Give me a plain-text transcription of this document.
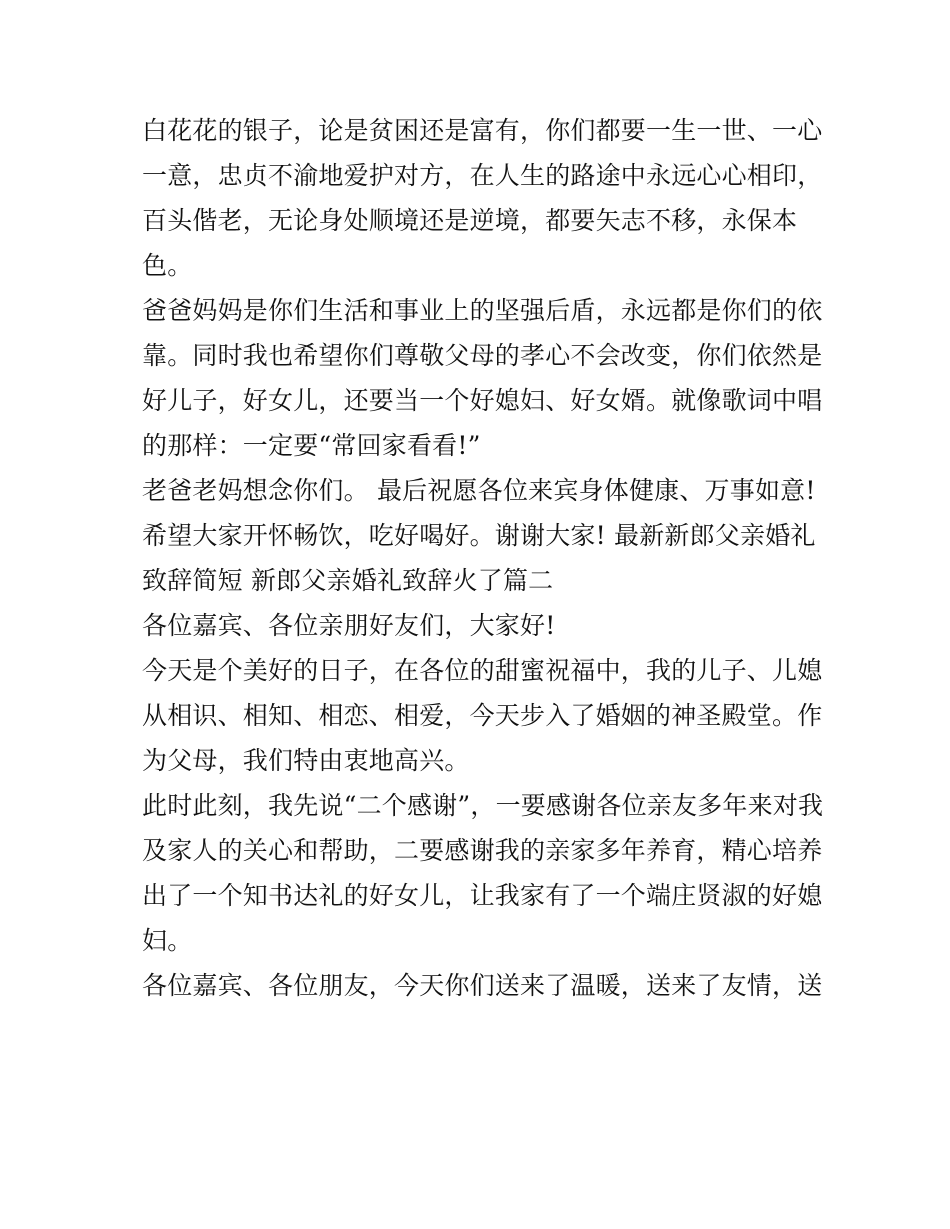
白花花的银子，论是贫困还是富有，你们都要一生一世、一心
一意，忠贞不渝地爱护对方，在人生的路途中永远心心相印，
百头偕老，无论身处顺境还是逆境，都要矢志不移，永保本
色。
爸爸妈妈是你们生活和事业上的坚强后盾，永远都是你们的依
靠。同时我也希望你们尊敬父母的孝心不会改变，你们依然是
好儿子，好女儿，还要当一个好媳妇、好女婿。就像歌词中唱
的那样：一定要“常回家看看!”
老爸老妈想念你们。 最后祝愿各位来宾身体健康、万事如意!
希望大家开怀畅饮，吃好喝好。谢谢大家! 最新新郎父亲婚礼
致辞简短 新郎父亲婚礼致辞火了篇二
各位嘉宾、各位亲朋好友们，大家好!
今天是个美好的日子，在各位的甜蜜祝福中，我的儿子、儿媳
从相识、相知、相恋、相爱，今天步入了婚姻的神圣殿堂。作
为父母，我们特由衷地高兴。
此时此刻，我先说“二个感谢”，一要感谢各位亲友多年来对我
及家人的关心和帮助，二要感谢我的亲家多年养育，精心培养
出了一个知书达礼的好女儿，让我家有了一个端庄贤淑的好媳
妇。
各位嘉宾、各位朋友，今天你们送来了温暖，送来了友情，送
